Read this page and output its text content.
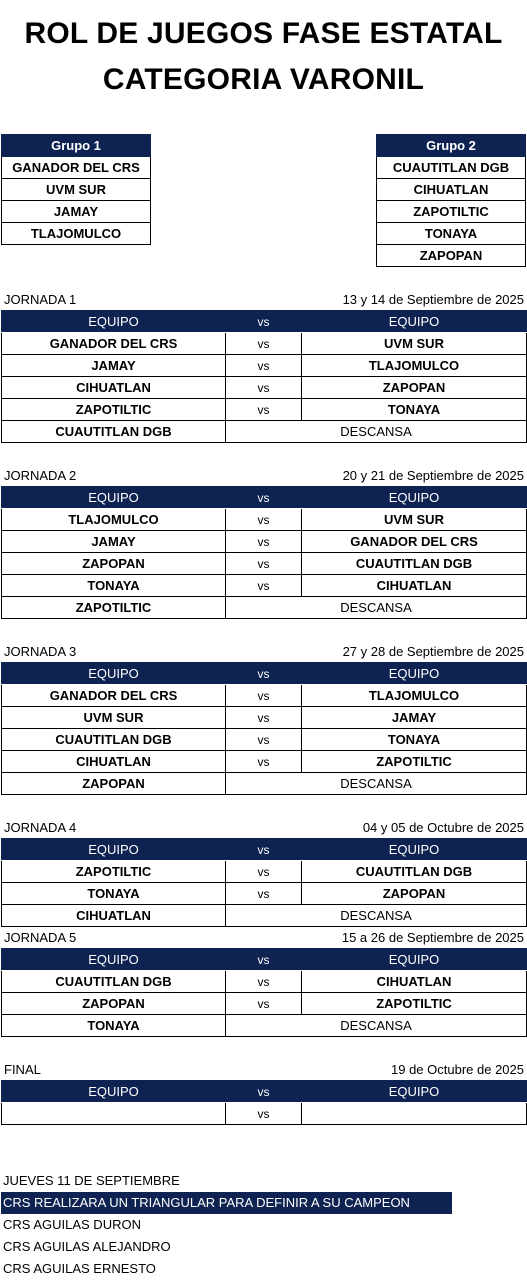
ROL DE JUEGOS FASE ESTATAL
CATEGORIA VARONIL
Grupo 1
GANADOR DEL CRS
UVM SUR
JAMAY
TLAJOMULCO
Grupo 2
CUAUTITLAN DGB
CIHUATLAN
ZAPOTILTIC
TONAYA
ZAPOPAN
JORNADA 1	13 y 14 de Septiembre de 2025
EQUIPO	vs	EQUIPO
GANADOR DEL CRS	vs	UVM SUR
JAMAY	vs	TLAJOMULCO
CIHUATLAN	vs	ZAPOPAN
ZAPOTILTIC	vs	TONAYA
CUAUTITLAN DGB	DESCANSA	
JORNADA 2	20 y 21 de Septiembre de 2025
EQUIPO	vs	EQUIPO
TLAJOMULCO	vs	UVM SUR
JAMAY	vs	GANADOR DEL CRS
ZAPOPAN	vs	CUAUTITLAN DGB
TONAYA	vs	CIHUATLAN
ZAPOTILTIC	DESCANSA	
JORNADA 3	27 y 28 de Septiembre de 2025
EQUIPO	vs	EQUIPO
GANADOR DEL CRS	vs	TLAJOMULCO
UVM SUR	vs	JAMAY
CUAUTITLAN DGB	vs	TONAYA
CIHUATLAN	vs	ZAPOTILTIC
ZAPOPAN	DESCANSA	
JORNADA 4	04 y 05 de Octubre de 2025
EQUIPO	vs	EQUIPO
ZAPOTILTIC	vs	CUAUTITLAN DGB
TONAYA	vs	ZAPOPAN
CIHUATLAN	DESCANSA	
JORNADA 5	15 a 26 de Septiembre de 2025
EQUIPO	vs	EQUIPO
CUAUTITLAN DGB	vs	CIHUATLAN
ZAPOPAN	vs	ZAPOTILTIC
TONAYA	DESCANSA	
FINAL	19 de Octubre de 2025
EQUIPO	vs	EQUIPO
	vs	
JUEVES 11 DE SEPTIEMBRE
CRS REALIZARA UN TRIANGULAR PARA DEFINIR A SU CAMPEON
CRS AGUILAS DURON
CRS AGUILAS ALEJANDRO
CRS AGUILAS ERNESTO
